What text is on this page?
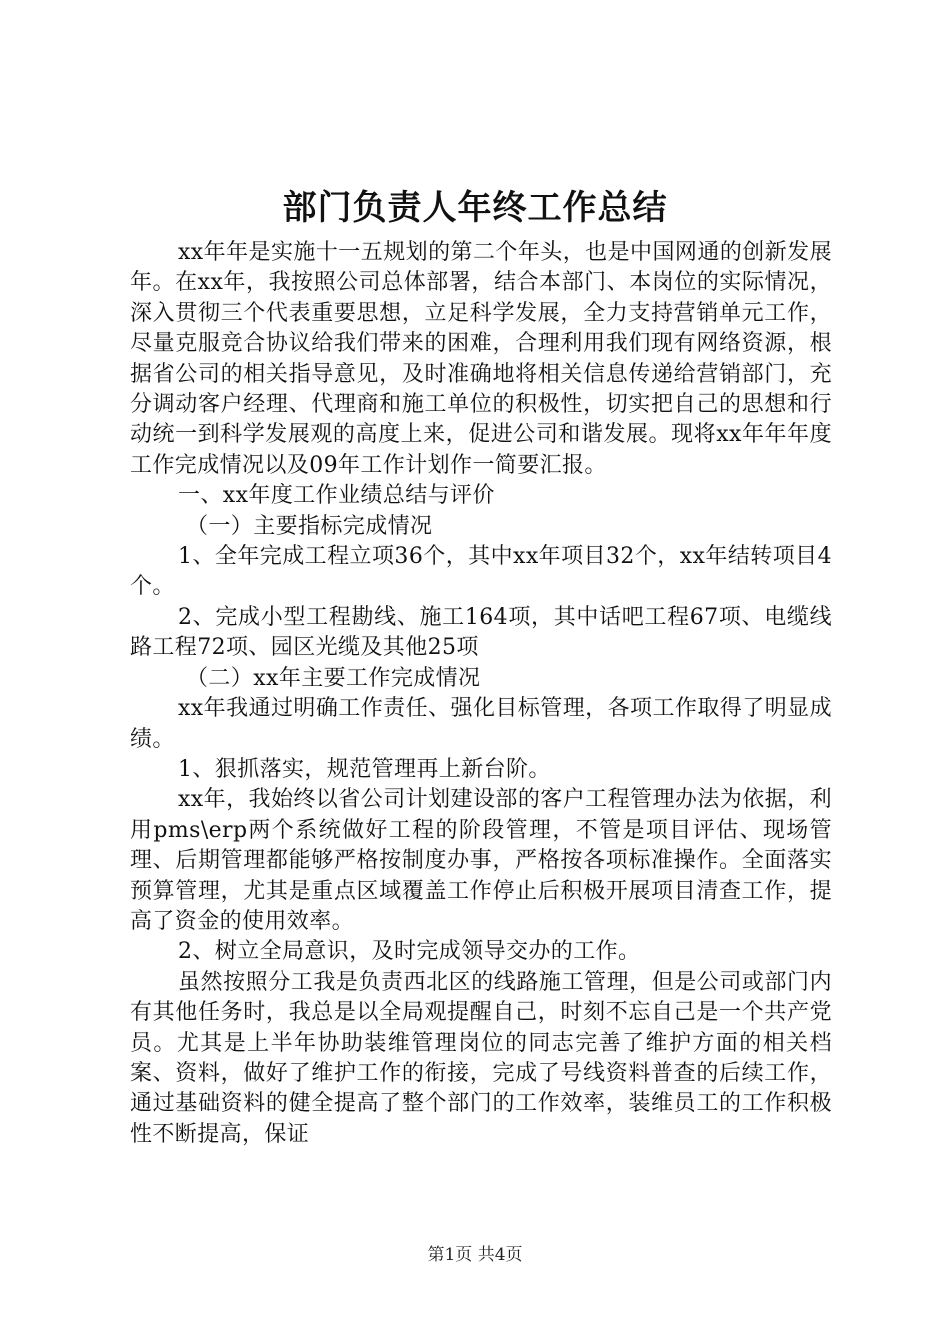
部门负责人年终工作总结

xx年年是实施十一五规划的第二个年头，也是中国网通的创新发展年。在xx年，我按照公司总体部署，结合本部门、本岗位的实际情况，深入贯彻三个代表重要思想，立足科学发展，全力支持营销单元工作，尽量克服竞合协议给我们带来的困难，合理利用我们现有网络资源，根据省公司的相关指导意见，及时准确地将相关信息传递给营销部门，充分调动客户经理、代理商和施工单位的积极性，切实把自己的思想和行动统一到科学发展观的高度上来，促进公司和谐发展。现将xx年年年度工作完成情况以及09年工作计划作一简要汇报。

一、xx年度工作业绩总结与评价

（一）主要指标完成情况

1、全年完成工程立项36个，其中xx年项目32个，xx年结转项目4个。

2、完成小型工程勘线、施工164项，其中话吧工程67项、电缆线路工程72项、园区光缆及其他25项

（二）xx年主要工作完成情况

xx年我通过明确工作责任、强化目标管理，各项工作取得了明显成绩。

1、狠抓落实，规范管理再上新台阶。

xx年，我始终以省公司计划建设部的客户工程管理办法为依据，利用pms\erp两个系统做好工程的阶段管理，不管是项目评估、现场管理、后期管理都能够严格按制度办事，严格按各项标准操作。全面落实预算管理，尤其是重点区域覆盖工作停止后积极开展项目清查工作，提高了资金的使用效率。

2、树立全局意识，及时完成领导交办的工作。

虽然按照分工我是负责西北区的线路施工管理，但是公司或部门内有其他任务时，我总是以全局观提醒自己，时刻不忘自己是一个共产党员。尤其是上半年协助装维管理岗位的同志完善了维护方面的相关档案、资料，做好了维护工作的衔接，完成了号线资料普查的后续工作，通过基础资料的健全提高了整个部门的工作效率，装维员工的工作积极性不断提高，保证

第1页 共4页
